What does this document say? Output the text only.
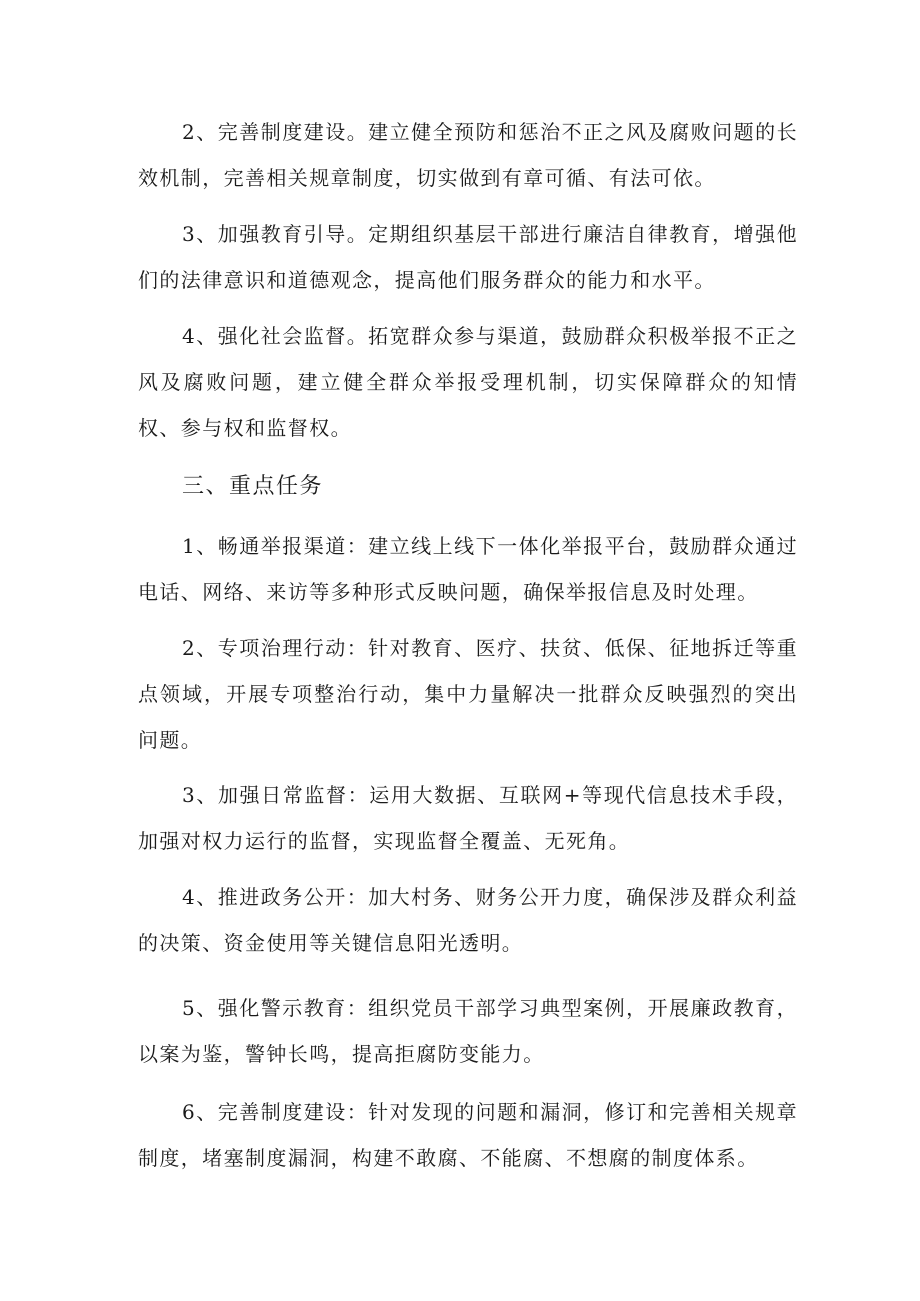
2、完善制度建设。建立健全预防和惩治不正之风及腐败问题的长效机制，完善相关规章制度，切实做到有章可循、有法可依。

3、加强教育引导。定期组织基层干部进行廉洁自律教育，增强他们的法律意识和道德观念，提高他们服务群众的能力和水平。

4、强化社会监督。拓宽群众参与渠道，鼓励群众积极举报不正之风及腐败问题，建立健全群众举报受理机制，切实保障群众的知情权、参与权和监督权。

三、重点任务

1、畅通举报渠道：建立线上线下一体化举报平台，鼓励群众通过电话、网络、来访等多种形式反映问题，确保举报信息及时处理。

2、专项治理行动：针对教育、医疗、扶贫、低保、征地拆迁等重点领域，开展专项整治行动，集中力量解决一批群众反映强烈的突出问题。

3、加强日常监督：运用大数据、互联网+等现代信息技术手段，加强对权力运行的监督，实现监督全覆盖、无死角。

4、推进政务公开：加大村务、财务公开力度，确保涉及群众利益的决策、资金使用等关键信息阳光透明。

5、强化警示教育：组织党员干部学习典型案例，开展廉政教育，以案为鉴，警钟长鸣，提高拒腐防变能力。

6、完善制度建设：针对发现的问题和漏洞，修订和完善相关规章制度，堵塞制度漏洞，构建不敢腐、不能腐、不想腐的制度体系。
